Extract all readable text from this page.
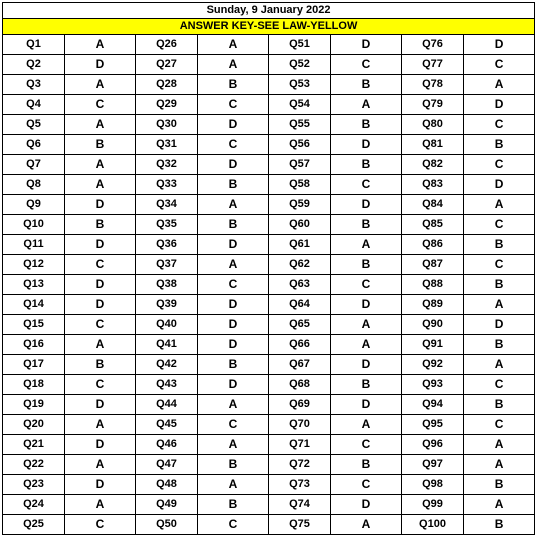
Sunday, 9 January 2022							
ANSWER KEY-SEE LAW-YELLOW							
Q1	A	Q26	A	Q51	D	Q76	D
Q2	D	Q27	A	Q52	C	Q77	C
Q3	A	Q28	B	Q53	B	Q78	A
Q4	C	Q29	C	Q54	A	Q79	D
Q5	A	Q30	D	Q55	B	Q80	C
Q6	B	Q31	C	Q56	D	Q81	B
Q7	A	Q32	D	Q57	B	Q82	C
Q8	A	Q33	B	Q58	C	Q83	D
Q9	D	Q34	A	Q59	D	Q84	A
Q10	B	Q35	B	Q60	B	Q85	C
Q11	D	Q36	D	Q61	A	Q86	B
Q12	C	Q37	A	Q62	B	Q87	C
Q13	D	Q38	C	Q63	C	Q88	B
Q14	D	Q39	D	Q64	D	Q89	A
Q15	C	Q40	D	Q65	A	Q90	D
Q16	A	Q41	D	Q66	A	Q91	B
Q17	B	Q42	B	Q67	D	Q92	A
Q18	C	Q43	D	Q68	B	Q93	C
Q19	D	Q44	A	Q69	D	Q94	B
Q20	A	Q45	C	Q70	A	Q95	C
Q21	D	Q46	A	Q71	C	Q96	A
Q22	A	Q47	B	Q72	B	Q97	A
Q23	D	Q48	A	Q73	C	Q98	B
Q24	A	Q49	B	Q74	D	Q99	A
Q25	C	Q50	C	Q75	A	Q100	B
